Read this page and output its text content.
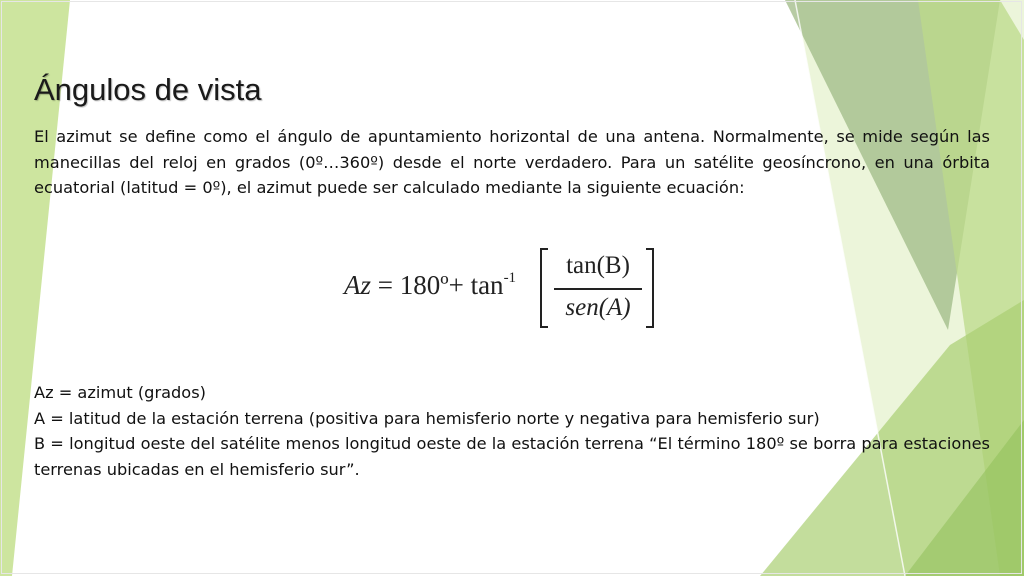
Ángulos de vista

El azimut se define como el ángulo de apuntamiento horizontal de una antena. Normalmente, se mide según las manecillas del reloj en grados (0º…360º) desde el norte verdadero. Para un satélite geosíncrono, en una órbita ecuatorial (latitud = 0º), el azimut puede ser calculado mediante la siguiente ecuación:

Az = 180º+ $\tan^{-1}$	tan(B)
sen(A)

Az = azimut (grados)

A = latitud de la estación terrena (positiva para hemisferio norte y negativa para hemisferio sur)

B = longitud oeste del satélite menos longitud oeste de la estación terrena “El término 180º se borra para estaciones terrenas ubicadas en el hemisferio sur”.
